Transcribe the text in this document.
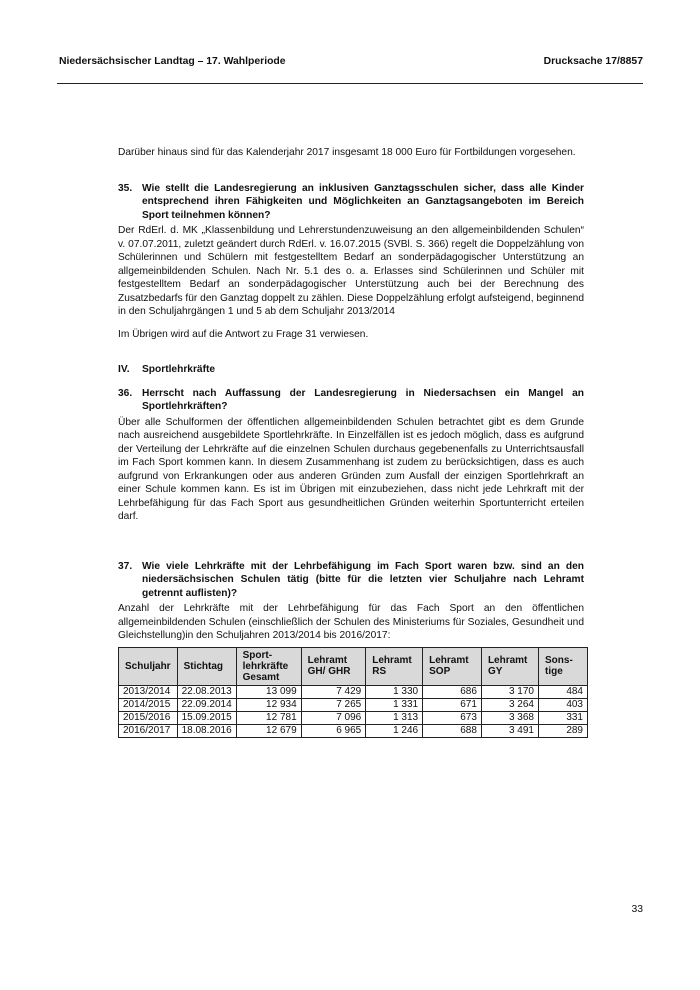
Niedersächsischer Landtag – 17. Wahlperiode	Drucksache 17/8857

Darüber hinaus sind für das Kalenderjahr 2017 insgesamt 18 000 Euro für Fortbildungen vorgesehen.

35. Wie stellt die Landesregierung an inklusiven Ganztagsschulen sicher, dass alle Kinder entsprechend ihren Fähigkeiten und Möglichkeiten an Ganztagsangeboten im Bereich Sport teilnehmen können?

Der RdErl. d. MK „Klassenbildung und Lehrerstundenzuweisung an den allgemeinbildenden Schulen“ v. 07.07.2011, zuletzt geändert durch RdErl. v. 16.07.2015 (SVBl. S. 366) regelt die Doppelzählung von Schülerinnen und Schülern mit festgestelltem Bedarf an sonderpädagogischer Unterstützung an allgemeinbildenden Schulen. Nach Nr. 5.1 des o. a. Erlasses sind Schülerinnen und Schüler mit festgestelltem Bedarf an sonderpädagogischer Unterstützung auch bei der Berechnung des Zusatzbedarfs für den Ganztag doppelt zu zählen. Diese Doppelzählung erfolgt aufsteigend, beginnend in den Schuljahrgängen 1 und 5 ab dem Schuljahr 2013/2014

Im Übrigen wird auf die Antwort zu Frage 31 verwiesen.

IV.	Sportlehrkräfte
36. Herrscht nach Auffassung der Landesregierung in Niedersachsen ein Mangel an Sportlehrkräften?

Über alle Schulformen der öffentlichen allgemeinbildenden Schulen betrachtet gibt es dem Grunde nach ausreichend ausgebildete Sportlehrkräfte. In Einzelfällen ist es jedoch möglich, dass es aufgrund der Verteilung der Lehrkräfte auf die einzelnen Schulen durchaus gegebenenfalls zu Unterrichtsausfall im Fach Sport kommen kann. In diesem Zusammenhang ist zudem zu berücksichtigen, dass es auch aufgrund von Erkrankungen oder aus anderen Gründen zum Ausfall der einzigen Sportlehrkraft an einer Schule kommen kann. Es ist im Übrigen mit einzubeziehen, dass nicht jede Lehrkraft mit der Lehrbefähigung für das Fach Sport aus gesundheitlichen Gründen weiterhin Sportunterricht erteilen darf.

37. Wie viele Lehrkräfte mit der Lehrbefähigung im Fach Sport waren bzw. sind an den niedersächsischen Schulen tätig (bitte für die letzten vier Schuljahre nach Lehramt getrennt auflisten)?

Anzahl der Lehrkräfte mit der Lehrbefähigung für das Fach Sport an den öffentlichen allgemeinbildenden Schulen (einschließlich der Schulen des Ministeriums für Soziales, Gesundheit und Gleichstellung)in den Schuljahren 2013/2014 bis 2016/2017:

Schuljahr	Stichtag	Sport-lehrkräfte Gesamt	Lehramt GH/ GHR	Lehramt RS	Lehramt SOP	Lehramt GY	Sons-tige
2013/2014	22.08.2013	13 099	7 429	1 330	686	3 170	484
2014/2015	22.09.2014	12 934	7 265	1 331	671	3 264	403
2015/2016	15.09.2015	12 781	7 096	1 313	673	3 368	331
2016/2017	18.08.2016	12 679	6 965	1 246	688	3 491	289
33
